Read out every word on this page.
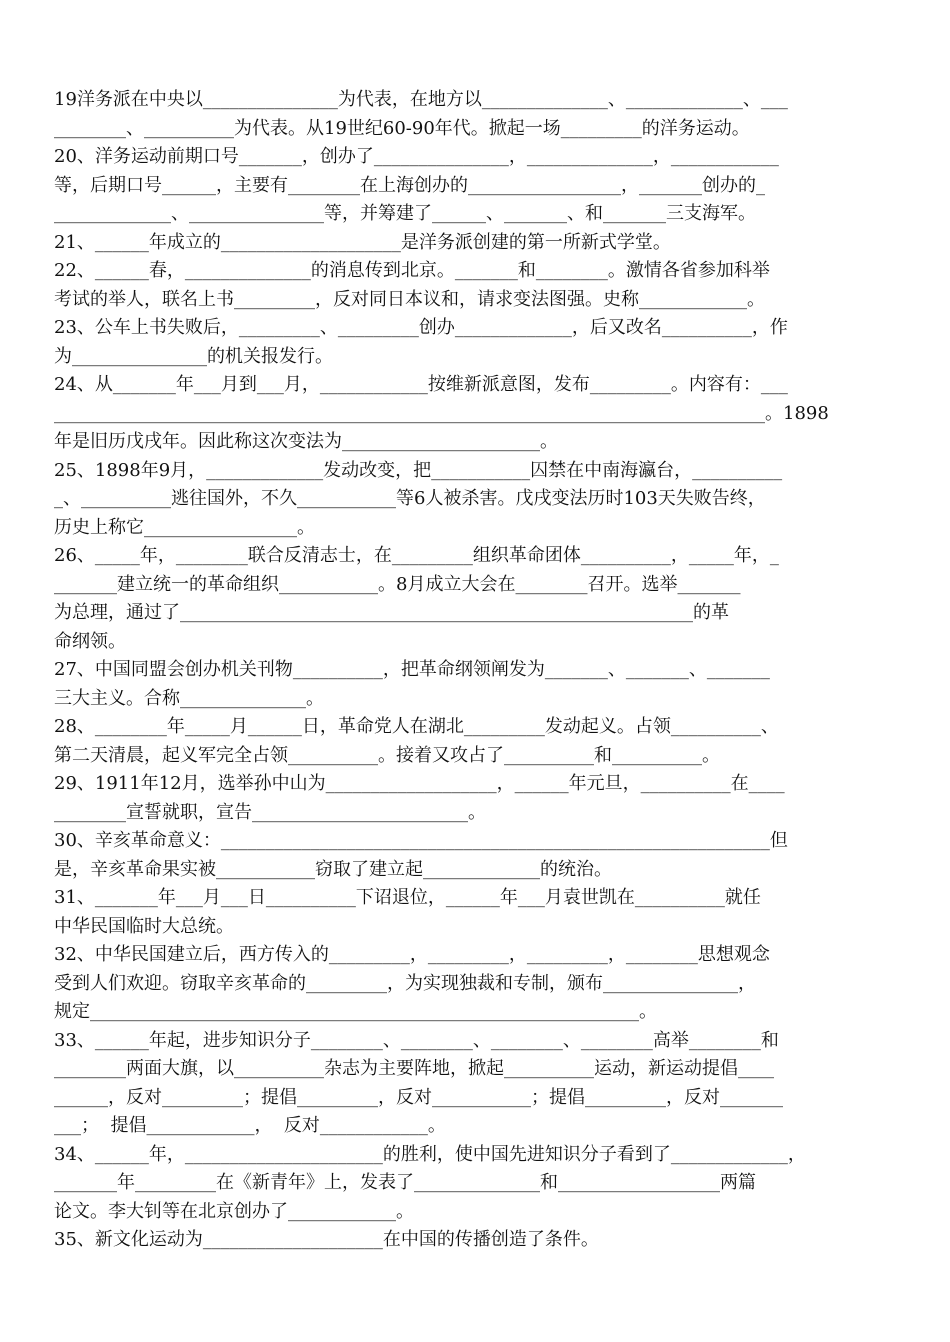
19洋务派在中央以_______________为代表，在地方以______________、_____________、___
________、__________为代表。从19世纪60-90年代。掀起一场_________的洋务运动。
20、洋务运动前期口号_______，创办了_______________，______________，____________
等，后期口号______，主要有________在上海创办的_________________，_______创办的_
_____________、_______________等，并筹建了______、_______、和_______三支海军。
21、______年成立的____________________是洋务派创建的第一所新式学堂。
22、______春，______________的消息传到北京。_______和________。激情各省参加科举
考试的举人，联名上书_________，反对同日本议和，请求变法图强。史称____________。
23、公车上书失败后，_________、_________创办_____________，后又改名__________，作
为_______________的机关报发行。
24、从_______年___月到___月，____________按维新派意图，发布_________。内容有：___
_______________________________________________________________________________。1898
年是旧历戊戌年。因此称这次变法为______________________。
25、1898年9月，_____________发动改变，把___________囚禁在中南海瀛台，__________
_、__________逃往国外，不久___________等6人被杀害。戊戌变法历时103天失败告终，
历史上称它_________________。
26、_____年，________联合反清志士，在_________组织革命团体__________，_____年，_
_______建立统一的革命组织___________。8月成立大会在________召开。选举_______
为总理，通过了_________________________________________________________的革
命纲领。
27、中国同盟会创办机关刊物__________，把革命纲领阐发为_______、_______、_______
三大主义。合称______________。
28、________年_____月______日，革命党人在湖北_________发动起义。占领__________、
第二天清晨，起义军完全占领__________。接着又攻占了__________和__________。
29、1911年12月，选举孙中山为___________________，______年元旦，__________在____
________宣誓就职，宣告________________________。
30、辛亥革命意义：_____________________________________________________________但
是，辛亥革命果实被___________窃取了建立起_____________的统治。
31、_______年___月___日__________下诏退位，______年___月袁世凯在__________就任
中华民国临时大总统。
32、中华民国建立后，西方传入的_________，_________，_________，________思想观念
受到人们欢迎。窃取辛亥革命的_________，为实现独裁和专制，颁布_______________，
规定_____________________________________________________________。
33、______年起，进步知识分子________、________、________、________高举________和
________两面大旗，以__________杂志为主要阵地，掀起__________运动，新运动提倡____
______，反对_________；提倡_________，反对___________；提倡_________，反对_______
___；  提倡____________，  反对____________。
34、______年，______________________的胜利，使中国先进知识分子看到了_____________，
_______年_________在《新青年》上，发表了______________和__________________两篇
论文。李大钊等在北京创办了____________。
35、新文化运动为____________________在中国的传播创造了条件。
